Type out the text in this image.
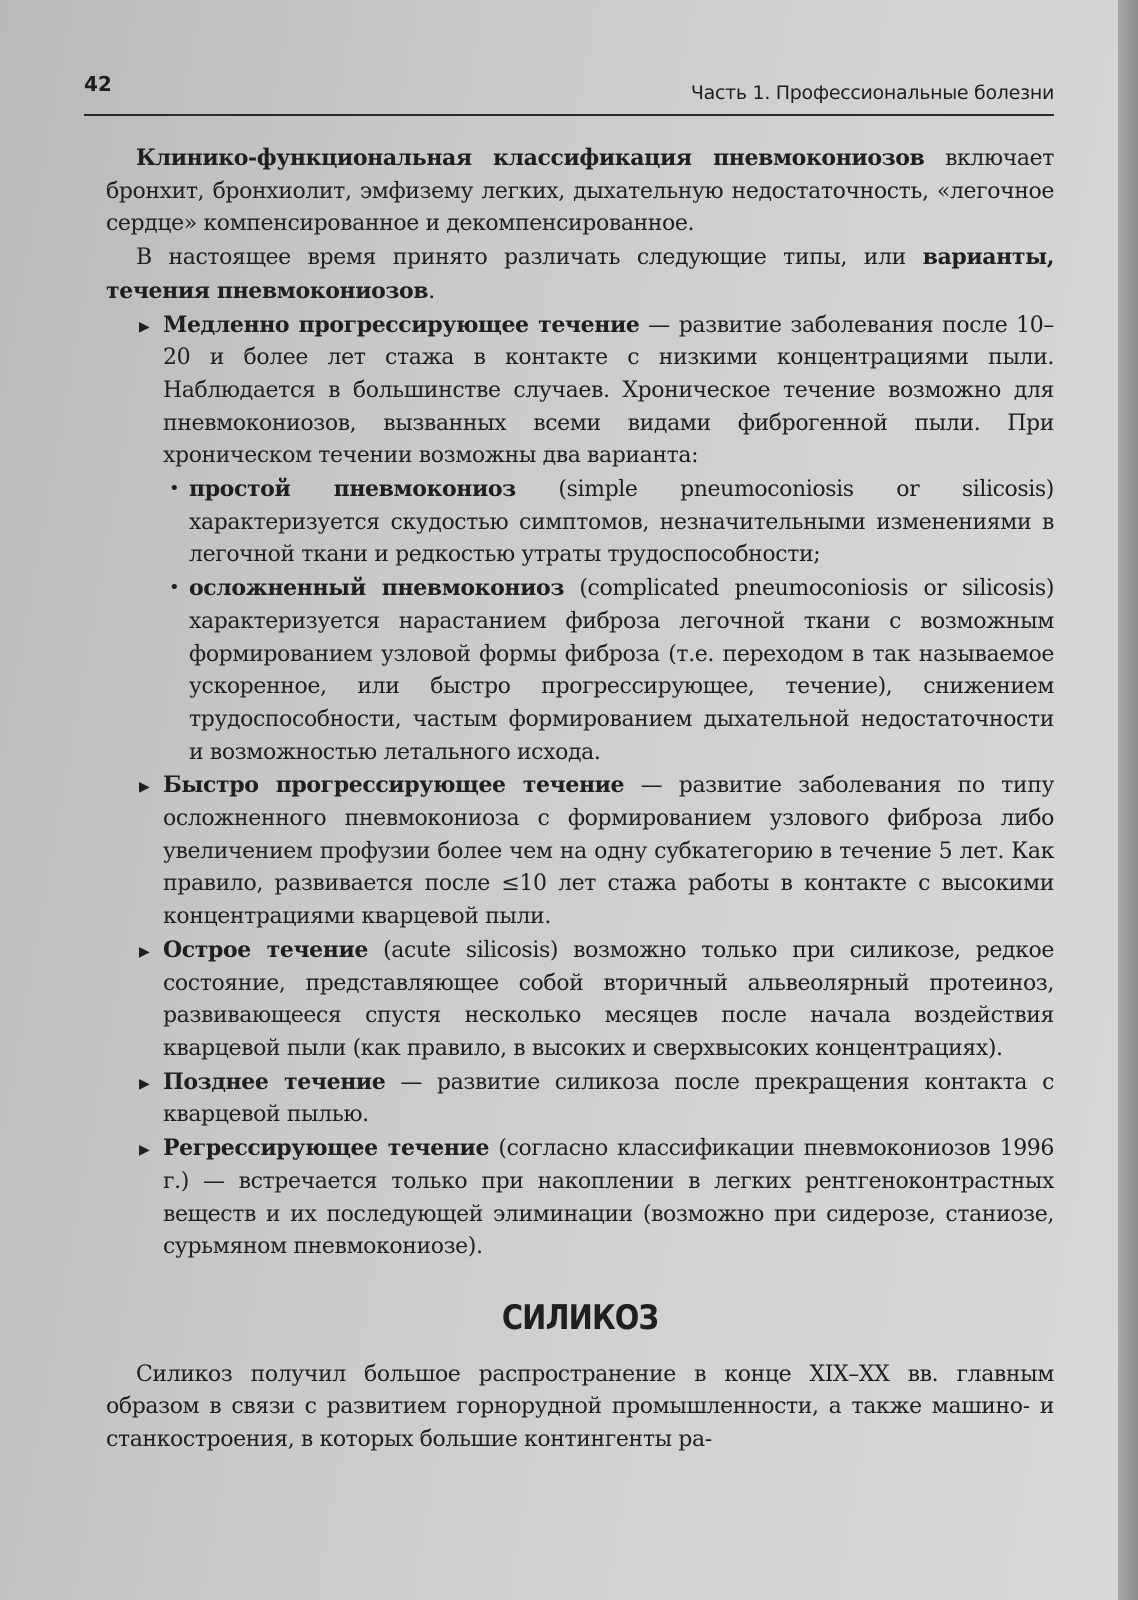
42	Часть 1. Профессиональные болезни

Клинико-функциональная классификация пневмокониозов включает бронхит, бронхиолит, эмфизему легких, дыхательную недостаточность, «легочное сердце» компенсированное и декомпенсированное.

В настоящее время принято различать следующие типы, или варианты, течения пневмокониозов.

▶ Медленно прогрессирующее течение — развитие заболевания после 10–20 и более лет стажа в контакте с низкими концентрациями пыли. Наблюдается в большинстве случаев. Хроническое течение возможно для пневмокониозов, вызванных всеми видами фиброгенной пыли. При хроническом течении возможны два варианта:
• простой пневмокониоз (simple pneumoconiosis or silicosis) характеризуется скудостью симптомов, незначительными изменениями в легочной ткани и редкостью утраты трудоспособности;
• осложненный пневмокониоз (complicated pneumoconiosis or silicosis) характеризуется нарастанием фиброза легочной ткани с возможным формированием узловой формы фиброза (т.е. переходом в так называемое ускоренное, или быстро прогрессирующее, течение), снижением трудоспособности, частым формированием дыхательной недостаточности и возможностью летального исхода.
▶ Быстро прогрессирующее течение — развитие заболевания по типу осложненного пневмокониоза с формированием узлового фиброза либо увеличением профузии более чем на одну субкатегорию в течение 5 лет. Как правило, развивается после ≤10 лет стажа работы в контакте с высокими концентрациями кварцевой пыли.
▶ Острое течение (acute silicosis) возможно только при силикозе, редкое состояние, представляющее собой вторичный альвеолярный протеиноз, развивающееся спустя несколько месяцев после начала воздействия кварцевой пыли (как правило, в высоких и сверхвысоких концентрациях).
▶ Позднее течение — развитие силикоза после прекращения контакта с кварцевой пылью.
▶ Регрессирующее течение (согласно классификации пневмокониозов 1996 г.) — встречается только при накоплении в легких рентгеноконтрастных веществ и их последующей элиминации (возможно при сидерозе, станиозе, сурьмяном пневмокониозе).
СИЛИКОЗ

Силикоз получил большое распространение в конце XIX–XX вв. главным образом в связи с развитием горнорудной промышленности, а также машино- и станкостроения, в которых большие контингенты ра-
